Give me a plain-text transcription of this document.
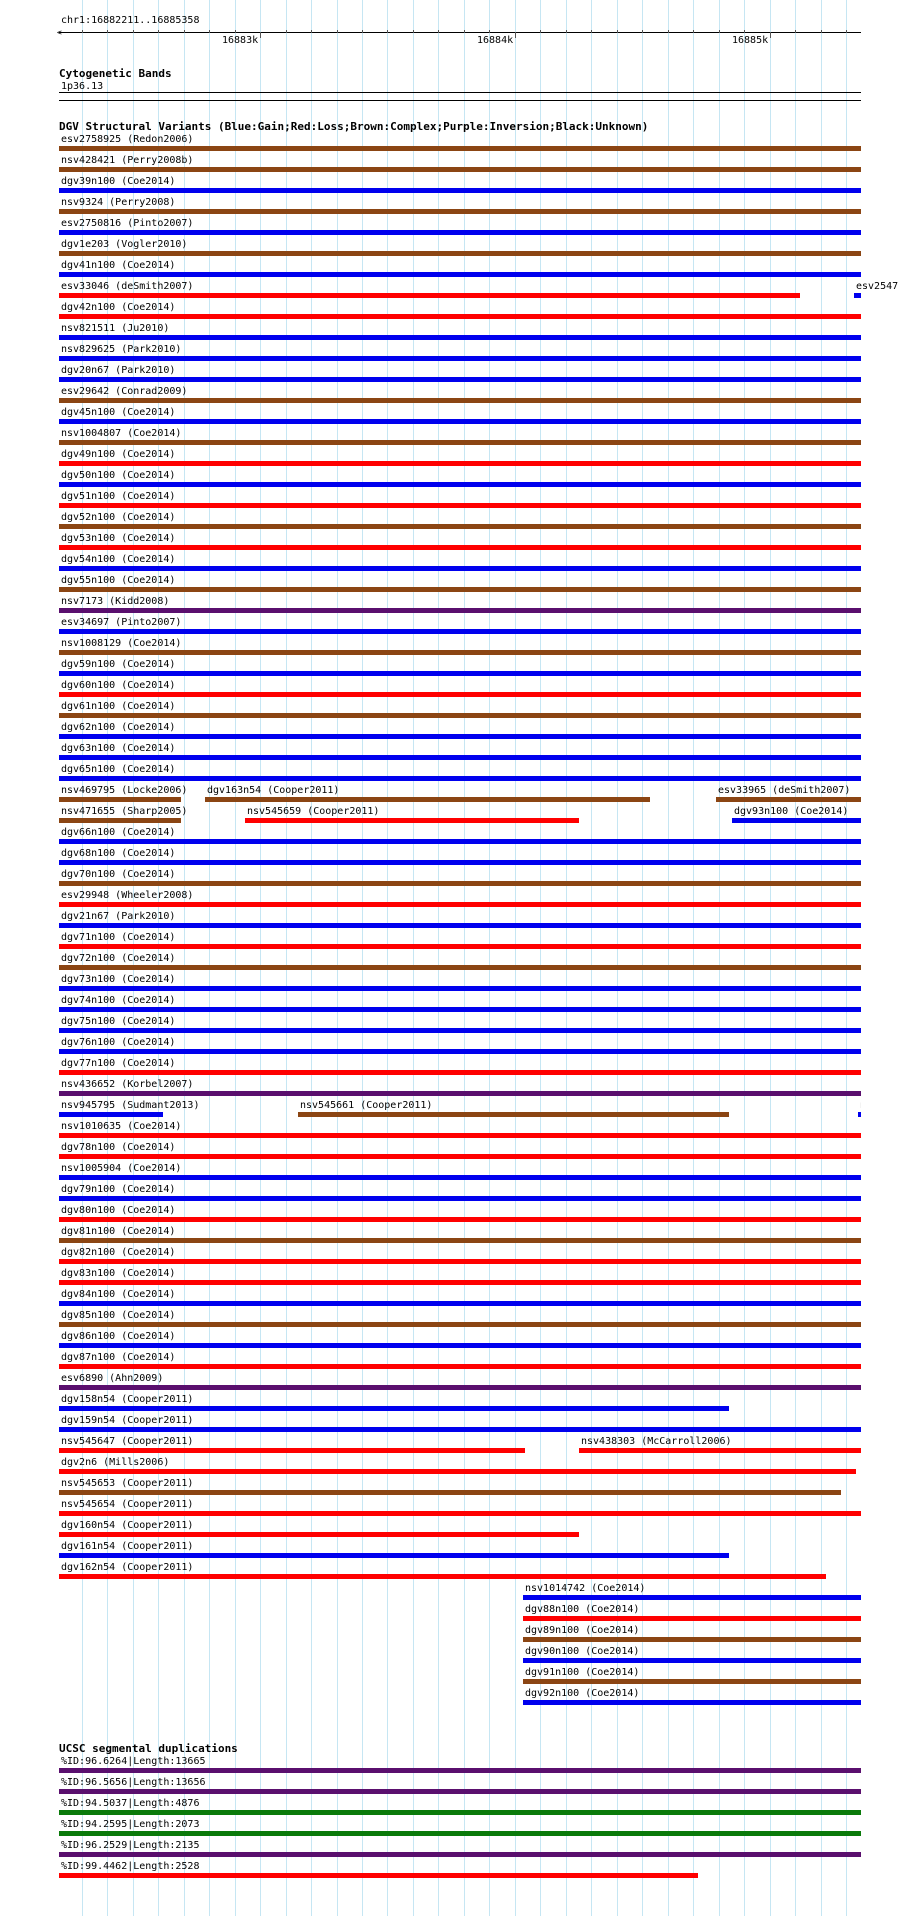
chr1:16882211..16885358
<
16883k	16884k	16885k
Cytogenetic Bands
1p36.13
DGV Structural Variants (Blue:Gain;Red:Loss;Brown:Complex;Purple:Inversion;Black:Unknown)
esv2758925 (Redon2006)
nsv428421 (Perry2008b)
dgv39n100 (Coe2014)
nsv9324 (Perry2008)
esv2750816 (Pinto2007)
dgv1e203 (Vogler2010)
dgv41n100 (Coe2014)
esv33046 (deSmith2007)	esv2547
dgv42n100 (Coe2014)
nsv821511 (Ju2010)
nsv829625 (Park2010)
dgv20n67 (Park2010)
esv29642 (Conrad2009)
dgv45n100 (Coe2014)
nsv1004807 (Coe2014)
dgv49n100 (Coe2014)
dgv50n100 (Coe2014)
dgv51n100 (Coe2014)
dgv52n100 (Coe2014)
dgv53n100 (Coe2014)
dgv54n100 (Coe2014)
dgv55n100 (Coe2014)
nsv7173 (Kidd2008)
esv34697 (Pinto2007)
nsv1008129 (Coe2014)
dgv59n100 (Coe2014)
dgv60n100 (Coe2014)
dgv61n100 (Coe2014)
dgv62n100 (Coe2014)
dgv63n100 (Coe2014)
dgv65n100 (Coe2014)
nsv469795 (Locke2006) dgv163n54 (Cooper2011)	esv33965 (deSmith2007)
nsv471655 (Sharp2005)	nsv545659 (Cooper2011)	dgv93n100 (Coe2014)
dgv66n100 (Coe2014)
dgv68n100 (Coe2014)
dgv70n100 (Coe2014)
esv29948 (Wheeler2008)
dgv21n67 (Park2010)
dgv71n100 (Coe2014)
dgv72n100 (Coe2014)
dgv73n100 (Coe2014)
dgv74n100 (Coe2014)
dgv75n100 (Coe2014)
dgv76n100 (Coe2014)
dgv77n100 (Coe2014)
nsv436652 (Korbel2007)
nsv945795 (Sudmant2013)	nsv545661 (Cooper2011)
nsv1010635 (Coe2014)
dgv78n100 (Coe2014)
nsv1005904 (Coe2014)
dgv79n100 (Coe2014)
dgv80n100 (Coe2014)
dgv81n100 (Coe2014)
dgv82n100 (Coe2014)
dgv83n100 (Coe2014)
dgv84n100 (Coe2014)
dgv85n100 (Coe2014)
dgv86n100 (Coe2014)
dgv87n100 (Coe2014)
esv6890 (Ahn2009)
dgv158n54 (Cooper2011)
dgv159n54 (Cooper2011)
nsv545647 (Cooper2011)	nsv438303 (McCarroll2006)
dgv2n6 (Mills2006)
nsv545653 (Cooper2011)
nsv545654 (Cooper2011)
dgv160n54 (Cooper2011)
dgv161n54 (Cooper2011)
dgv162n54 (Cooper2011)
nsv1014742 (Coe2014)
dgv88n100 (Coe2014)
dgv89n100 (Coe2014)
dgv90n100 (Coe2014)
dgv91n100 (Coe2014)
dgv92n100 (Coe2014)
UCSC segmental duplications
%ID:96.6264|Length:13665
%ID:96.5656|Length:13656
%ID:94.5037|Length:4876
%ID:94.2595|Length:2073
%ID:96.2529|Length:2135
%ID:99.4462|Length:2528
